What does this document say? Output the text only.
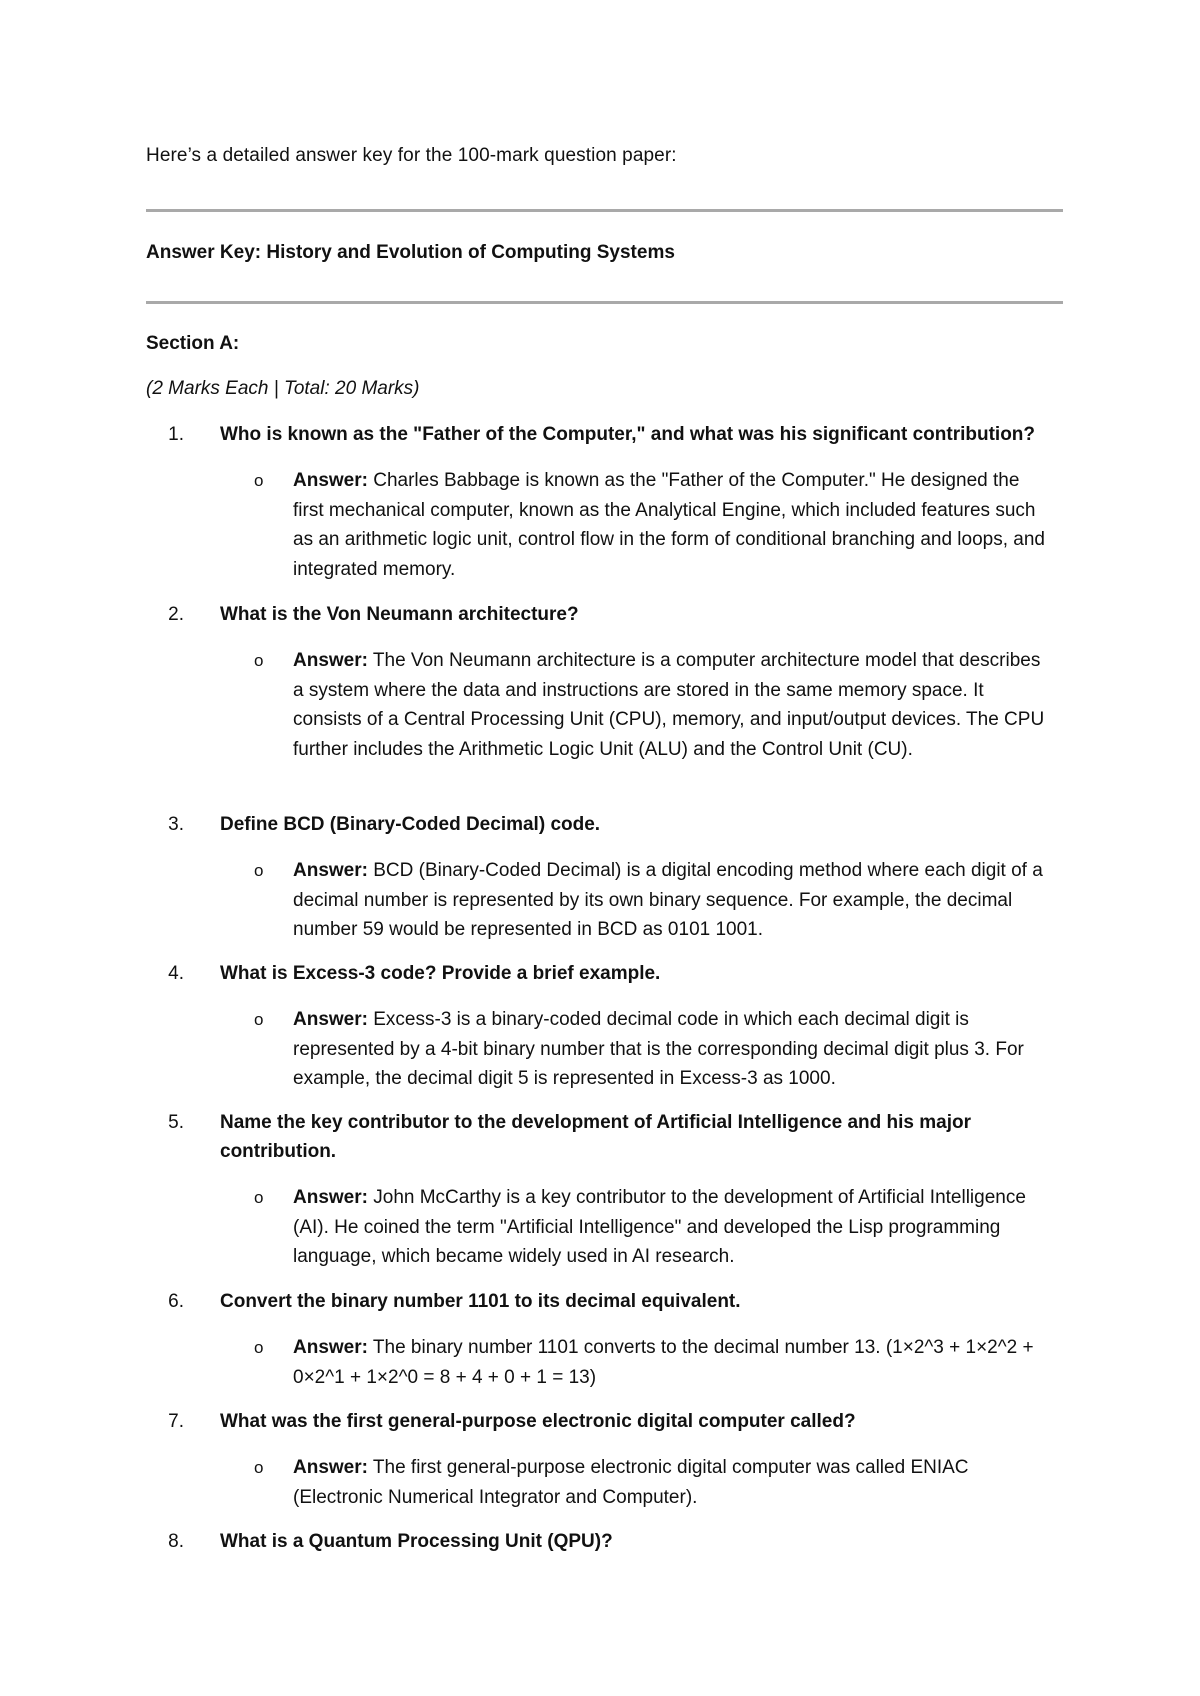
Here’s a detailed answer key for the 100-mark question paper:
Answer Key: History and Evolution of Computing Systems
Section A:
(2 Marks Each | Total: 20 Marks)
1. Who is known as the "Father of the Computer," and what was his significant contribution?
o Answer: Charles Babbage is known as the "Father of the Computer." He designed the first mechanical computer, known as the Analytical Engine, which included features such as an arithmetic logic unit, control flow in the form of conditional branching and loops, and integrated memory.
2. What is the Von Neumann architecture?
o Answer: The Von Neumann architecture is a computer architecture model that describes a system where the data and instructions are stored in the same memory space. It consists of a Central Processing Unit (CPU), memory, and input/output devices. The CPU further includes the Arithmetic Logic Unit (ALU) and the Control Unit (CU).
3. Define BCD (Binary-Coded Decimal) code.
o Answer: BCD (Binary-Coded Decimal) is a digital encoding method where each digit of a decimal number is represented by its own binary sequence. For example, the decimal number 59 would be represented in BCD as 0101 1001.
4. What is Excess-3 code? Provide a brief example.
o Answer: Excess-3 is a binary-coded decimal code in which each decimal digit is represented by a 4-bit binary number that is the corresponding decimal digit plus 3. For example, the decimal digit 5 is represented in Excess-3 as 1000.
5. Name the key contributor to the development of Artificial Intelligence and his major contribution.
o Answer: John McCarthy is a key contributor to the development of Artificial Intelligence (AI). He coined the term "Artificial Intelligence" and developed the Lisp programming language, which became widely used in AI research.
6. Convert the binary number 1101 to its decimal equivalent.
o Answer: The binary number 1101 converts to the decimal number 13. (1×2^3 + 1×2^2 + 0×2^1 + 1×2^0 = 8 + 4 + 0 + 1 = 13)
7. What was the first general-purpose electronic digital computer called?
o Answer: The first general-purpose electronic digital computer was called ENIAC (Electronic Numerical Integrator and Computer).
8. What is a Quantum Processing Unit (QPU)?
